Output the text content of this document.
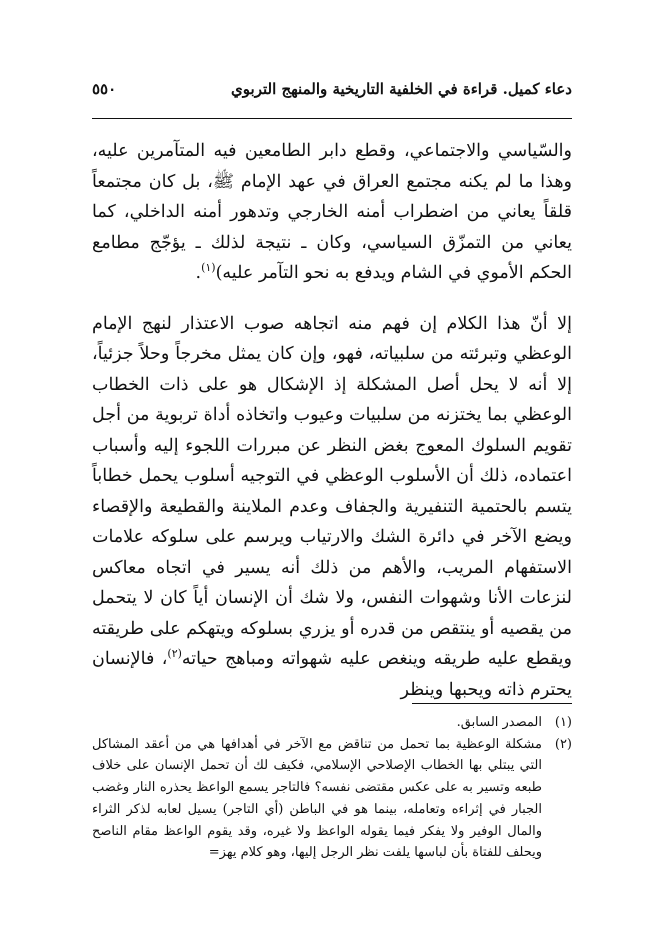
دعاء كميل. قراءة في الخلفية التاريخية والمنهج التربوي
٥٥٠

والسّياسي والاجتماعي، وقطع دابر الطامعين فيه المتآمرين عليه، وهذا ما لم يكنه مجتمع العراق في عهد الإمام ﷺ، بل كان مجتمعاً قلقاً يعاني من اضطراب أمنه الخارجي وتدهور أمنه الداخلي، كما يعاني من التمزّق السياسي، وكان ـ نتيجة لذلك ـ يؤجّج مطامع الحكم الأموي في الشام ويدفع به نحو التآمر عليه)$^{(١)}$.

إلا أنّ هذا الكلام إن فهم منه اتجاهه صوب الاعتذار لنهج الإمام الوعظي وتبرئته من سلبياته، فهو، وإن كان يمثل مخرجاً وحلاً جزئياً، إلا أنه لا يحل أصل المشكلة إذ الإشكال هو على ذات الخطاب الوعظي بما يختزنه من سلبيات وعيوب واتخاذه أداة تربوية من أجل تقويم السلوك المعوج بغض النظر عن مبررات اللجوء إليه وأسباب اعتماده، ذلك أن الأسلوب الوعظي في التوجيه أسلوب يحمل خطاباً يتسم بالحتمية التنفيرية والجفاف وعدم الملاينة والقطيعة والإقصاء ويضع الآخر في دائرة الشك والارتياب ويرسم على سلوكه علامات الاستفهام المريب، والأهم من ذلك أنه يسير في اتجاه معاكس لنزعات الأنا وشهوات النفس، ولا شك أن الإنسان أياً كان لا يتحمل من يقصيه أو ينتقص من قدره أو يزري بسلوكه ويتهكم على طريقته ويقطع عليه طريقه وينغص عليه شهواته ومباهج حياته$^{(٢)}$، فالإنسان يحترم ذاته ويحبها وينظر

(١)
المصدر السابق.
(٢)
مشكلة الوعظية بما تحمل من تناقض مع الآخر في أهدافها هي من أعقد المشاكل التي يبتلي بها الخطاب الإصلاحي الإسلامي، فكيف لك أن تحمل الإنسان على خلاف طبعه وتسير به على عكس مقتضى نفسه؟ فالتاجر يسمع الواعظ يحذره النار وغضب الجبار في إثراءه وتعامله، بينما هو في الباطن (أي التاجر) يسيل لعابه لذكر الثراء والمال الوفير ولا يفكر فيما يقوله الواعظ ولا غيره، وقد يقوم الواعظ مقام الناصح ويحلف للفتاة بأن لباسها يلفت نظر الرجل إليها، وهو كلام يهز=
